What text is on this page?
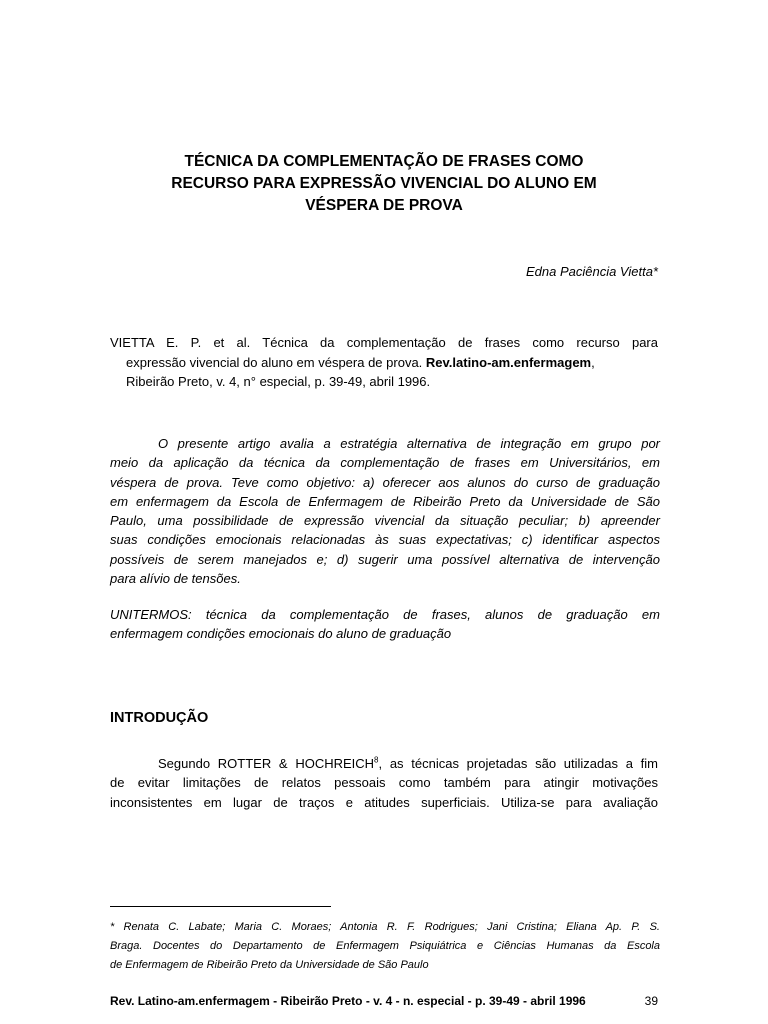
TÉCNICA DA COMPLEMENTAÇÃO DE FRASES COMO
RECURSO PARA EXPRESSÃO VIVENCIAL DO ALUNO EM
VÉSPERA DE PROVA
Edna Paciência Vietta*
VIETTA E. P. et al. Técnica da complementação de frases como recurso para
expressão vivencial do aluno em véspera de prova. Rev.latino-am.enfermagem,
Ribeirão Preto, v. 4, n° especial, p. 39-49, abril 1996.
O presente artigo avalia a estratégia alternativa de integração em grupo por
meio da aplicação da técnica da complementação de frases em Universitários, em
véspera de prova. Teve como objetivo: a) oferecer aos alunos do curso de graduação
em enfermagem da Escola de Enfermagem de Ribeirão Preto da Universidade de São
Paulo, uma possibilidade de expressão vivencial da situação peculiar; b) apreender
suas condições emocionais relacionadas às suas expectativas; c) identificar aspectos
possíveis de serem manejados e; d) sugerir uma possível alternativa de intervenção
para alívio de tensões.
UNITERMOS: técnica da complementação de frases, alunos de graduação em
enfermagem condições emocionais do aluno de graduação
INTRODUÇÃO
Segundo ROTTER & HOCHREICH$^8$, as técnicas projetadas são utilizadas a fim
de evitar limitações de relatos pessoais como também para atingir motivações
inconsistentes em lugar de traços e atitudes superficiais. Utiliza-se para avaliação
* Renata C. Labate; Maria C. Moraes; Antonia R. F. Rodrigues; Jani Cristina; Eliana Ap. P. S.
Braga. Docentes do Departamento de Enfermagem Psiquiátrica e Ciências Humanas da Escola
de Enfermagem de Ribeirão Preto da Universidade de São Paulo
Rev. Latino-am.enfermagem - Ribeirão Preto - v. 4 - n. especial - p. 39-49 - abril 1996	39
